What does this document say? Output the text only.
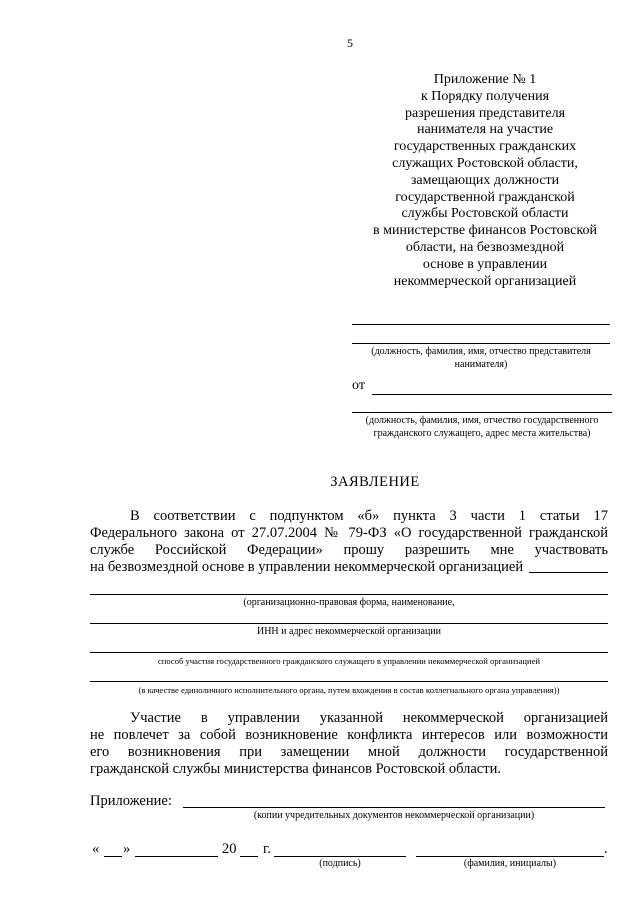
5
Приложение № 1
к Порядку получения
разрешения представителя
нанимателя на участие
государственных гражданских
служащих Ростовской области,
замещающих должности
государственной гражданской
службы Ростовской области
в министерстве финансов Ростовской
области, на безвозмездной
основе в управлении
некоммерческой организацией
(должность, фамилия, имя, отчество представителя
нанимателя)
от
(должность, фамилия, имя, отчество государственного
гражданского служащего, адрес места жительства)
ЗАЯВЛЕНИЕ
В соответствии с подпунктом «б» пункта 3 части 1 статьи 17
Федерального закона от 27.07.2004 № 79-ФЗ «О государственной гражданской
службе Российской Федерации» прошу разрешить мне участвовать
на безвозмездной основе в управлении некоммерческой организацией
(организационно-правовая форма, наименование,
ИНН и адрес некоммерческой организации
способ участия государственного гражданского служащего в управлении некоммерческой организацией
(в качестве единоличного исполнительного органа, путем вхождения в состав коллегиального органа управления))
Участие в управлении указанной некоммерческой организацией
не повлечет за собой возникновение конфликта интересов или возможности
его возникновения при замещении мной должности государственной
гражданской службы министерства финансов Ростовской области.
Приложение:
(копии учредительных документов некоммерческой организации)
« »	20 г.
(подпись)
.
(фамилия, инициалы)
